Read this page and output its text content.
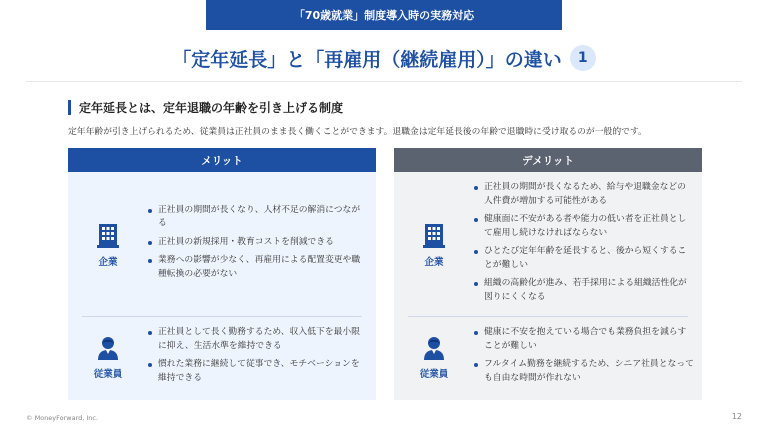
「70歳就業」制度導入時の実務対応
「定年延長」と「再雇用（継続雇用）」の違い	1
定年延長とは、定年退職の年齢を引き上げる制度
定年年齢が引き上げられるため、従業員は正社員のまま長く働くことができます。退職金は定年延長後の年齢で退職時に受け取るのが一般的です。
メリット
企業
正社員の期間が長くなり、人材不足の解消につながる
正社員の新規採用・教育コストを削減できる
業務への影響が少なく、再雇用による配置変更や職種転換の必要がない
従業員
正社員として長く勤務するため、収入低下を最小限に抑え、生活水準を維持できる
慣れた業務に継続して従事でき、モチベーションを維持できる
デメリット
企業
正社員の期間が長くなるため、給与や退職金などの人件費が増加する可能性がある
健康面に不安がある者や能力の低い者を正社員として雇用し続けなければならない
ひとたび定年年齢を延長すると、後から短くすることが難しい
組織の高齢化が進み、若手採用による組織活性化が図りにくくなる
従業員
健康に不安を抱えている場合でも業務負担を減らすことが難しい
フルタイム勤務を継続するため、シニア社員となっても自由な時間が作れない
© MoneyForward, Inc.	12
